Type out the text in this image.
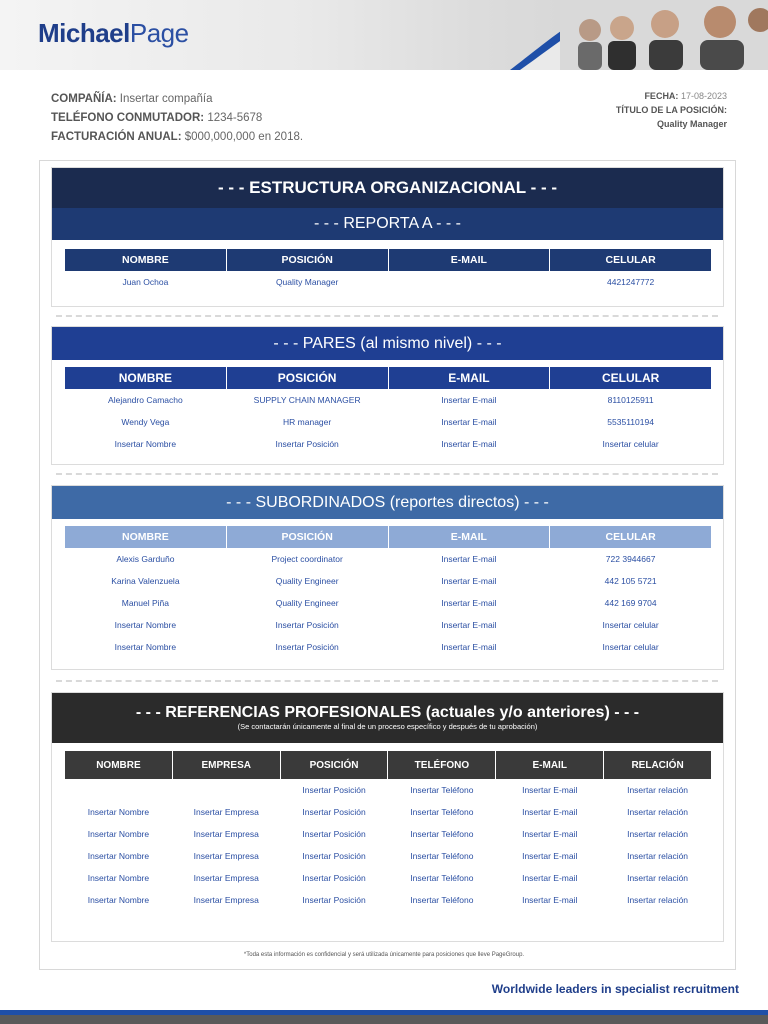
MichaelPage
COMPAÑÍA: Insertar compañía
TELÉFONO CONMUTADOR: 1234-5678
FACTURACIÓN ANUAL: $000,000,000 en 2018.
FECHA: 17-08-2023
TÍTULO DE LA POSICIÓN:
Quality Manager
- - - ESTRUCTURA ORGANIZACIONAL - - -
- - - REPORTA A - - -
NOMBRE	POSICIÓN	E-MAIL	CELULAR
Juan Ochoa	Quality Manager		4421247772
- - - PARES (al mismo nivel) - - -
NOMBRE	POSICIÓN	E-MAIL	CELULAR
Alejandro Camacho	SUPPLY CHAIN MANAGER	Insertar E-mail	8110125911
Wendy Vega	HR manager	Insertar E-mail	5535110194
Insertar Nombre	Insertar Posición	Insertar E-mail	Insertar celular
- - - SUBORDINADOS (reportes directos) - - -
NOMBRE	POSICIÓN	E-MAIL	CELULAR
Alexis Garduño	Project coordinator	Insertar E-mail	722 3944667
Karina Valenzuela	Quality Engineer	Insertar E-mail	442 105 5721
Manuel Piña	Quality Engineer	Insertar E-mail	442 169 9704
Insertar Nombre	Insertar Posición	Insertar E-mail	Insertar celular
Insertar Nombre	Insertar Posición	Insertar E-mail	Insertar celular
- - - REFERENCIAS PROFESIONALES (actuales y/o anteriores) - - -
(Se contactarán únicamente al final de un proceso específico y después de tu aprobación)
NOMBRE	EMPRESA	POSICIÓN	TELÉFONO	E-MAIL	RELACIÓN
		Insertar Posición	Insertar Teléfono	Insertar E-mail	Insertar relación
Insertar Nombre	Insertar Empresa	Insertar Posición	Insertar Teléfono	Insertar E-mail	Insertar relación
Insertar Nombre	Insertar Empresa	Insertar Posición	Insertar Teléfono	Insertar E-mail	Insertar relación
Insertar Nombre	Insertar Empresa	Insertar Posición	Insertar Teléfono	Insertar E-mail	Insertar relación
Insertar Nombre	Insertar Empresa	Insertar Posición	Insertar Teléfono	Insertar E-mail	Insertar relación
Insertar Nombre	Insertar Empresa	Insertar Posición	Insertar Teléfono	Insertar E-mail	Insertar relación
*Toda esta información es confidencial y será utilizada únicamente para posiciones que lleve PageGroup.
Worldwide leaders in specialist recruitment
